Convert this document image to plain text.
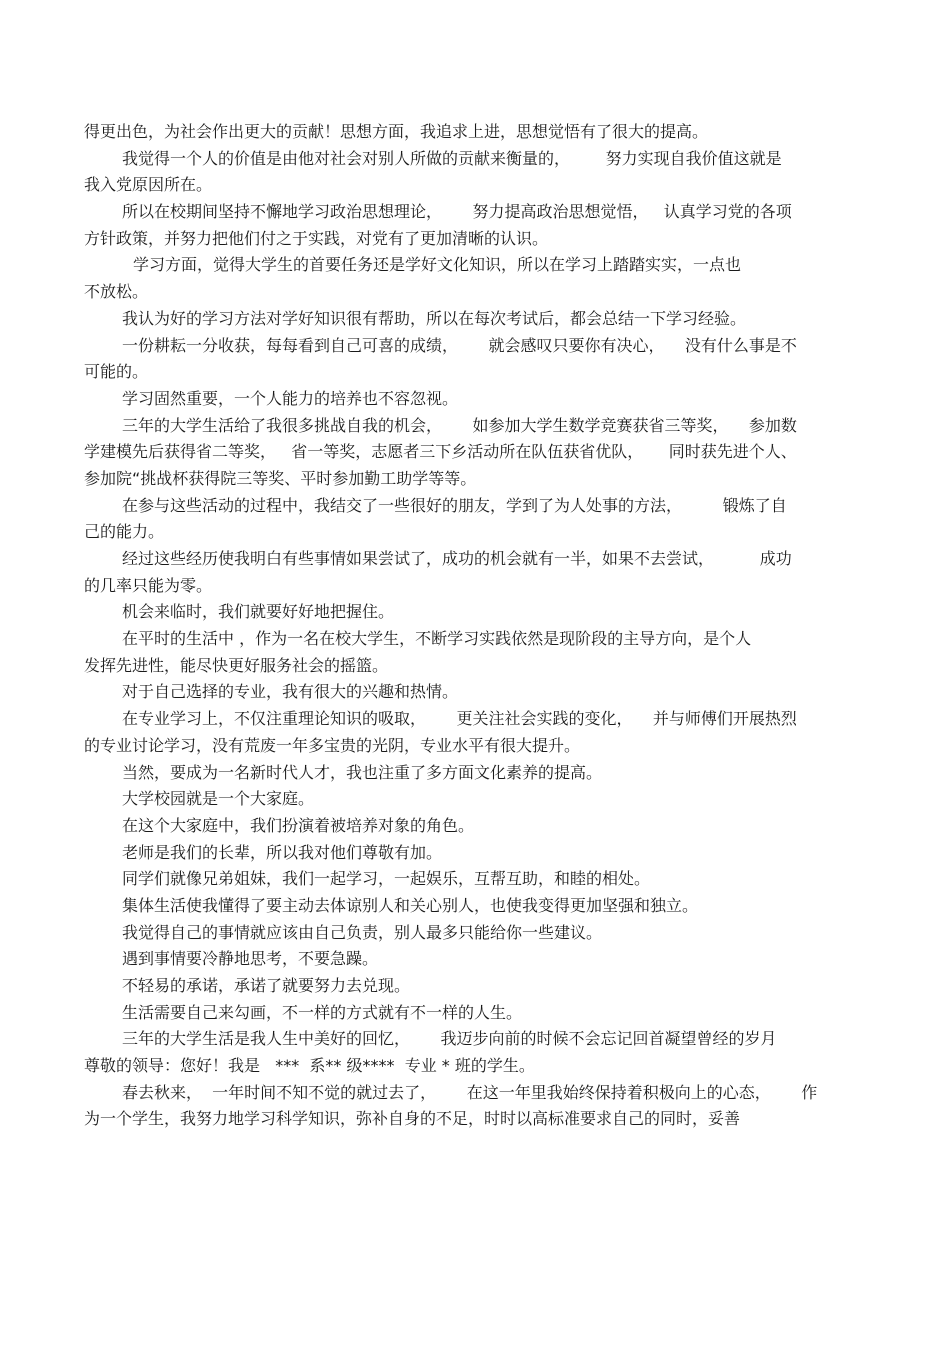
得更出色，为社会作出更大的贡献！思想方面，我追求上进，思想觉悟有了很大的提高。
我觉得一个人的价值是由他对社会对别人所做的贡献来衡量的，       努力实现自我价值这就是
我入党原因所在。
所以在校期间坚持不懈地学习政治思想理论，      努力提高政治思想觉悟，   认真学习党的各项
方针政策，并努力把他们付之于实践，对党有了更加清晰的认识。
学习方面，觉得大学生的首要任务还是学好文化知识，所以在学习上踏踏实实，一点也
不放松。
我认为好的学习方法对学好知识很有帮助，所以在每次考试后，都会总结一下学习经验。
一份耕耘一分收获，每每看到自己可喜的成绩，      就会感叹只要你有决心，    没有什么事是不
可能的。
学习固然重要，一个人能力的培养也不容忽视。
三年的大学生活给了我很多挑战自我的机会，      如参加大学生数学竞赛获省三等奖，    参加数
学建模先后获得省二等奖，   省一等奖，志愿者三下乡活动所在队伍获省优队，     同时获先进个人、
参加院“挑战杯获得院三等奖、平时参加勤工助学等等。
在参与这些活动的过程中，我结交了一些很好的朋友，学到了为人处事的方法，        锻炼了自
己的能力。
经过这些经历使我明白有些事情如果尝试了，成功的机会就有一半，如果不去尝试，         成功
的几率只能为零。
机会来临时，我们就要好好地把握住。
在平时的生活中 ，作为一名在校大学生，不断学习实践依然是现阶段的主导方向，是个人
发挥先进性，能尽快更好服务社会的摇篮。
对于自己选择的专业，我有很大的兴趣和热情。
在专业学习上，不仅注重理论知识的吸取，      更关注社会实践的变化，    并与师傅们开展热烈
的专业讨论学习，没有荒废一年多宝贵的光阴，专业水平有很大提升。
当然，要成为一名新时代人才，我也注重了多方面文化素养的提高。
大学校园就是一个大家庭。
在这个大家庭中，我们扮演着被培养对象的角色。
老师是我们的长辈，所以我对他们尊敬有加。
同学们就像兄弟姐妹，我们一起学习，一起娱乐，互帮互助，和睦的相处。
集体生活使我懂得了要主动去体谅别人和关心别人，也使我变得更加坚强和独立。
我觉得自己的事情就应该由自己负责，别人最多只能给你一些建议。
遇到事情要冷静地思考，不要急躁。
不轻易的承诺，承诺了就要努力去兑现。
生活需要自己来勾画，不一样的方式就有不一样的人生。
三年的大学生活是我人生中美好的回忆，      我迈步向前的时候不会忘记回首凝望曾经的岁月
尊敬的领导：您好！我是   ***  系** 级****  专业 * 班的学生。
春去秋来，  一年时间不知不觉的就过去了，      在这一年里我始终保持着积极向上的心态，      作
为一个学生，我努力地学习科学知识，弥补自身的不足，时时以高标准要求自己的同时，妥善
